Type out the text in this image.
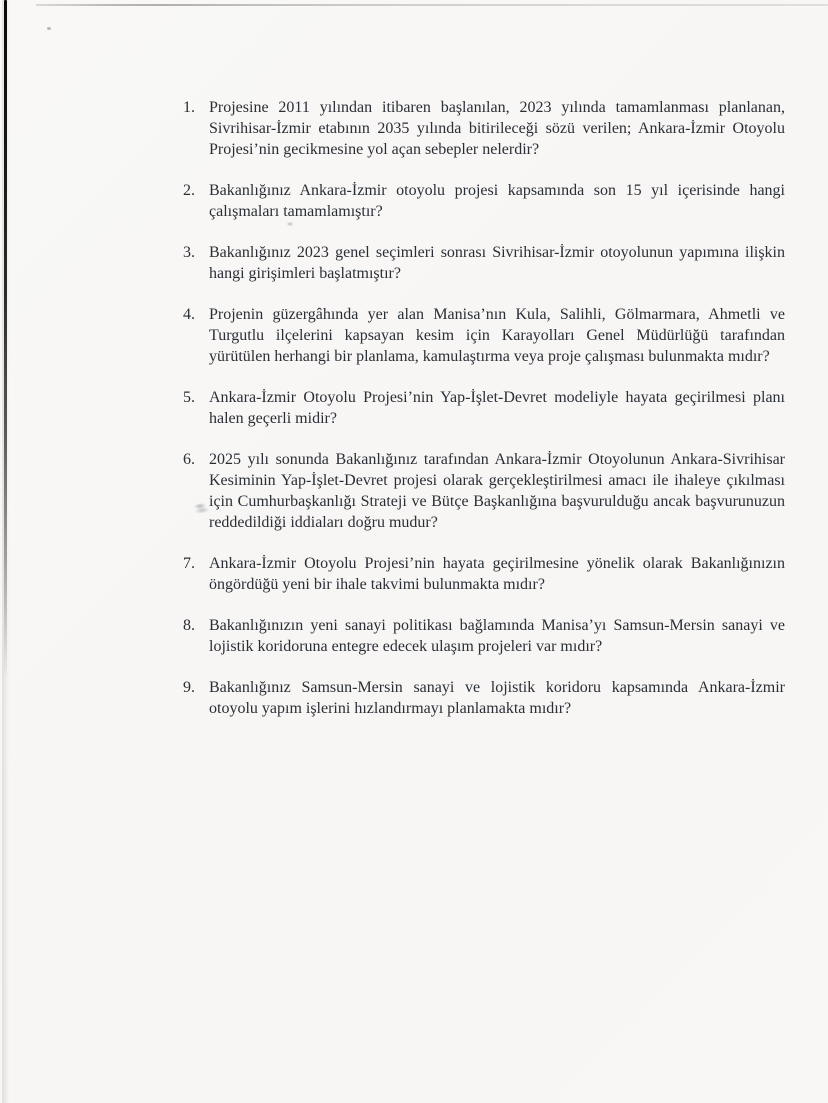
1. Projesine 2011 yılından itibaren başlanılan, 2023 yılında tamamlanması planlanan, Sivrihisar-İzmir etabının 2035 yılında bitirileceği sözü verilen; Ankara-İzmir Otoyolu Projesi’nin gecikmesine yol açan sebepler nelerdir?
2. Bakanlığınız Ankara-İzmir otoyolu projesi kapsamında son 15 yıl içerisinde hangi çalışmaları tamamlamıştır?
3. Bakanlığınız 2023 genel seçimleri sonrası Sivrihisar-İzmir otoyolunun yapımına ilişkin hangi girişimleri başlatmıştır?
4. Projenin güzergâhında yer alan Manisa’nın Kula, Salihli, Gölmarmara, Ahmetli ve Turgutlu ilçelerini kapsayan kesim için Karayolları Genel Müdürlüğü tarafından yürütülen herhangi bir planlama, kamulaştırma veya proje çalışması bulunmakta mıdır?
5. Ankara-İzmir Otoyolu Projesi’nin Yap-İşlet-Devret modeliyle hayata geçirilmesi planı halen geçerli midir?
6. 2025 yılı sonunda Bakanlığınız tarafından Ankara-İzmir Otoyolunun Ankara-Sivrihisar Kesiminin Yap-İşlet-Devret projesi olarak gerçekleştirilmesi amacı ile ihaleye çıkılması için Cumhurbaşkanlığı Strateji ve Bütçe Başkanlığına başvurulduğu ancak başvurunuzun reddedildiği iddiaları doğru mudur?
7. Ankara-İzmir Otoyolu Projesi’nin hayata geçirilmesine yönelik olarak Bakanlığınızın öngördüğü yeni bir ihale takvimi bulunmakta mıdır?
8. Bakanlığınızın yeni sanayi politikası bağlamında Manisa’yı Samsun-Mersin sanayi ve lojistik koridoruna entegre edecek ulaşım projeleri var mıdır?
9. Bakanlığınız Samsun-Mersin sanayi ve lojistik koridoru kapsamında Ankara-İzmir otoyolu yapım işlerini hızlandırmayı planlamakta mıdır?
